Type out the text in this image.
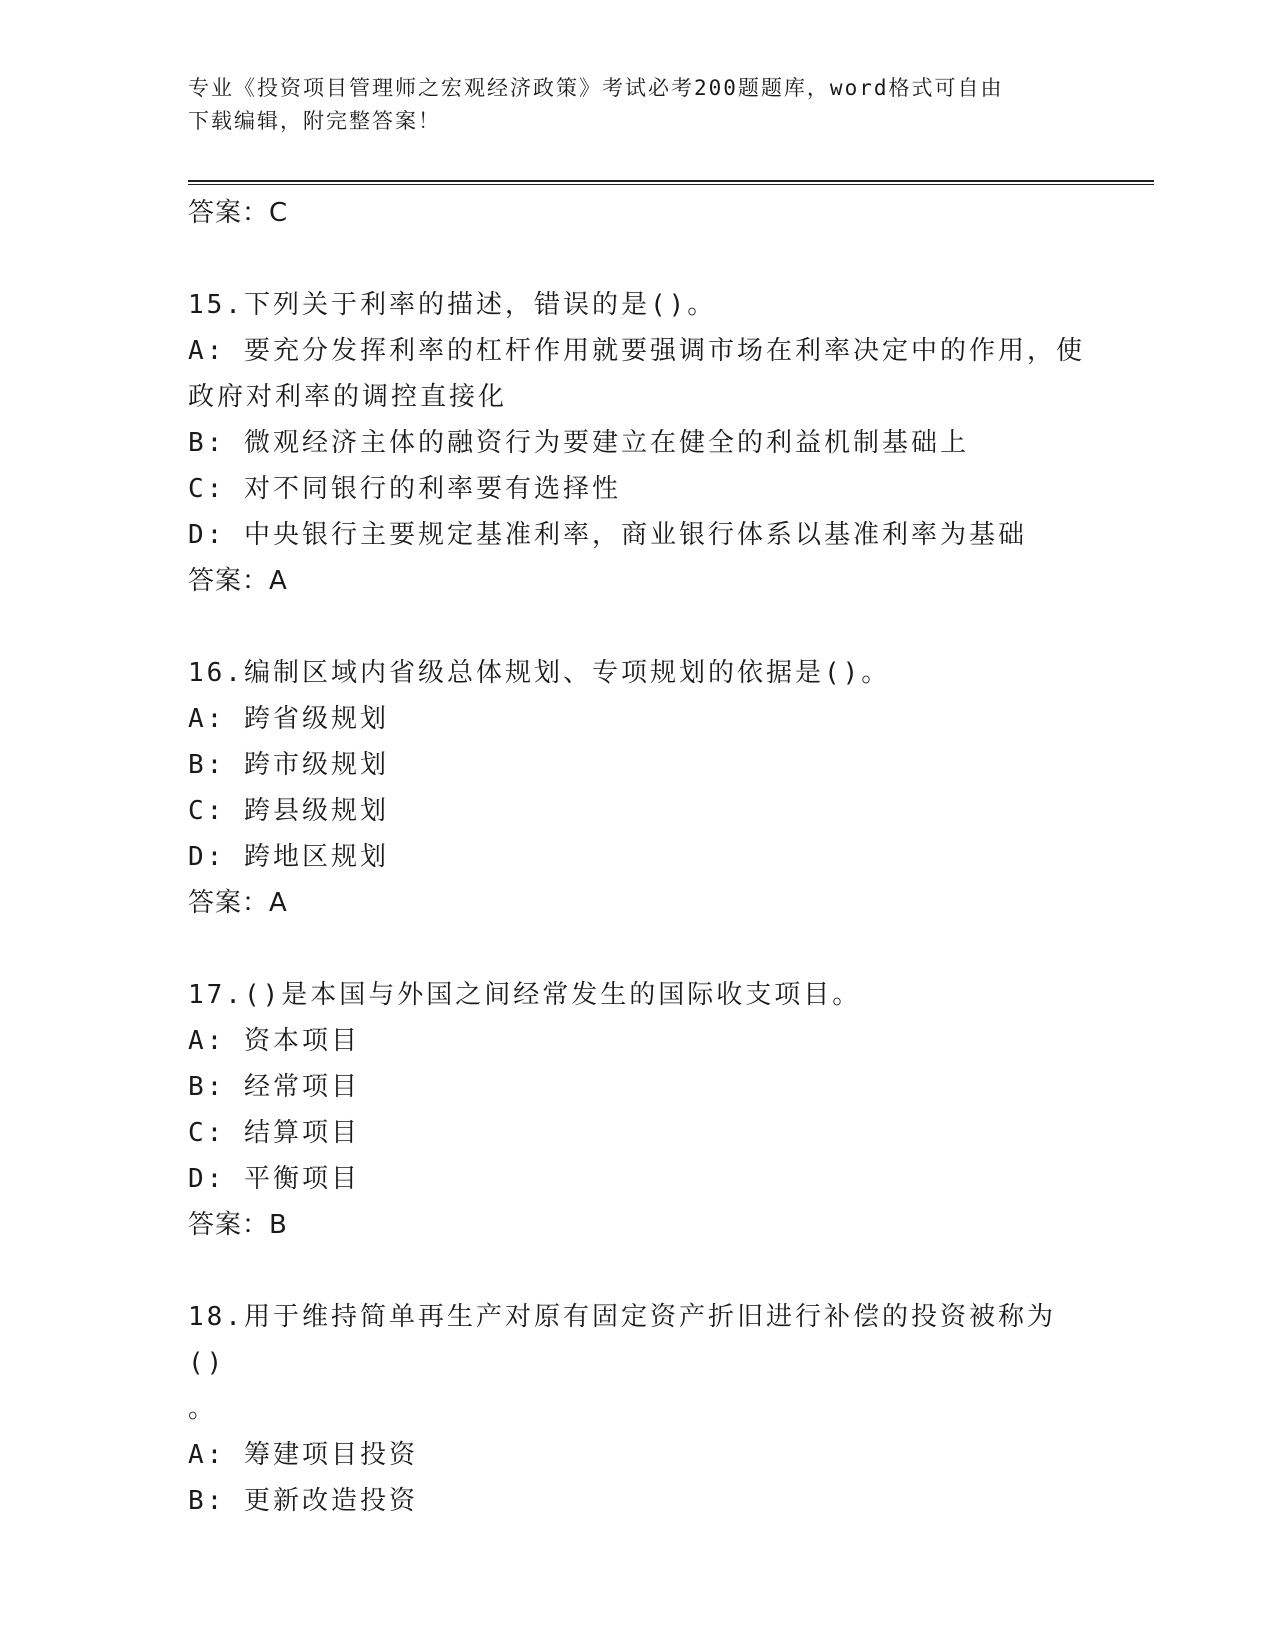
专业《投资项目管理师之宏观经济政策》考试必考200题题库，word格式可自由
下载编辑，附完整答案！
答案：C
15.下列关于利率的描述，错误的是()。
A: 要充分发挥利率的杠杆作用就要强调市场在利率决定中的作用，使
政府对利率的调控直接化
B: 微观经济主体的融资行为要建立在健全的利益机制基础上
C: 对不同银行的利率要有选择性
D: 中央银行主要规定基准利率，商业银行体系以基准利率为基础
答案：A
16.编制区域内省级总体规划、专项规划的依据是()。
A: 跨省级规划
B: 跨市级规划
C: 跨县级规划
D: 跨地区规划
答案：A
17.()是本国与外国之间经常发生的国际收支项目。
A: 资本项目
B: 经常项目
C: 结算项目
D: 平衡项目
答案：B
18.用于维持简单再生产对原有固定资产折旧进行补偿的投资被称为()
。
A: 筹建项目投资
B: 更新改造投资
